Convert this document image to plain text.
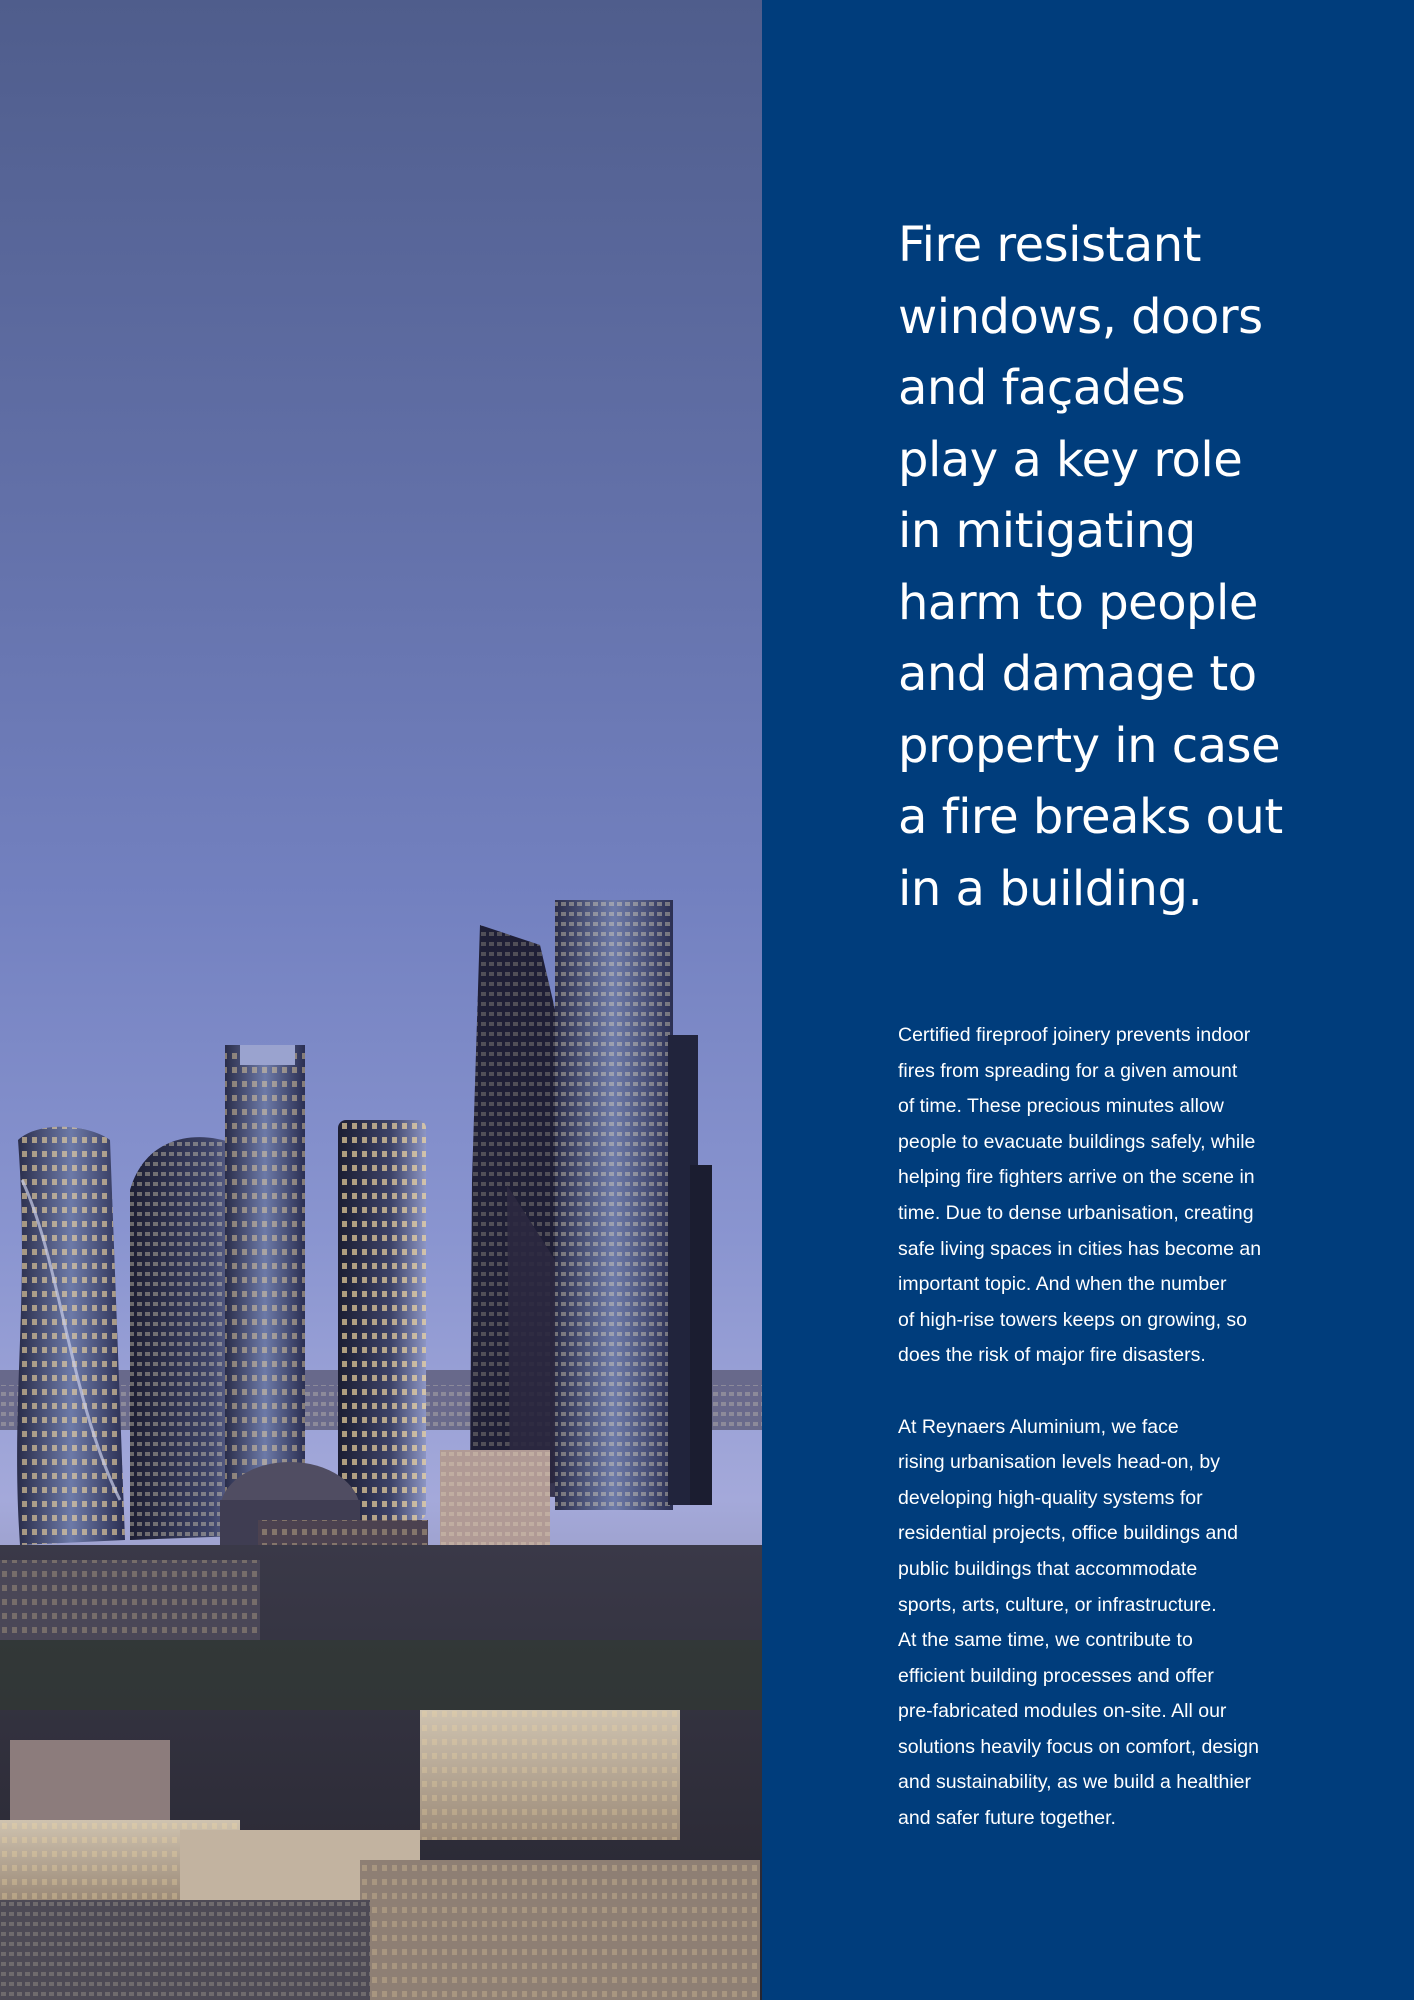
Fire resistant
windows, doors
and façades
play a key role
in mitigating
harm to people
and damage to
property in case
a fire breaks out
in a building.

Certified fireproof joinery prevents indoor
fires from spreading for a given amount
of time. These precious minutes allow
people to evacuate buildings safely, while
helping fire fighters arrive on the scene in
time. Due to dense urbanisation, creating
safe living spaces in cities has become an
important topic. And when the number
of high-rise towers keeps on growing, so
does the risk of major fire disasters.

At Reynaers Aluminium, we face
rising urbanisation levels head-on, by
developing high-quality systems for
residential projects, office buildings and
public buildings that accommodate
sports, arts, culture, or infrastructure.
At the same time, we contribute to
efficient building processes and offer
pre-fabricated modules on-site. All our
solutions heavily focus on comfort, design
and sustainability, as we build a healthier
and safer future together.
